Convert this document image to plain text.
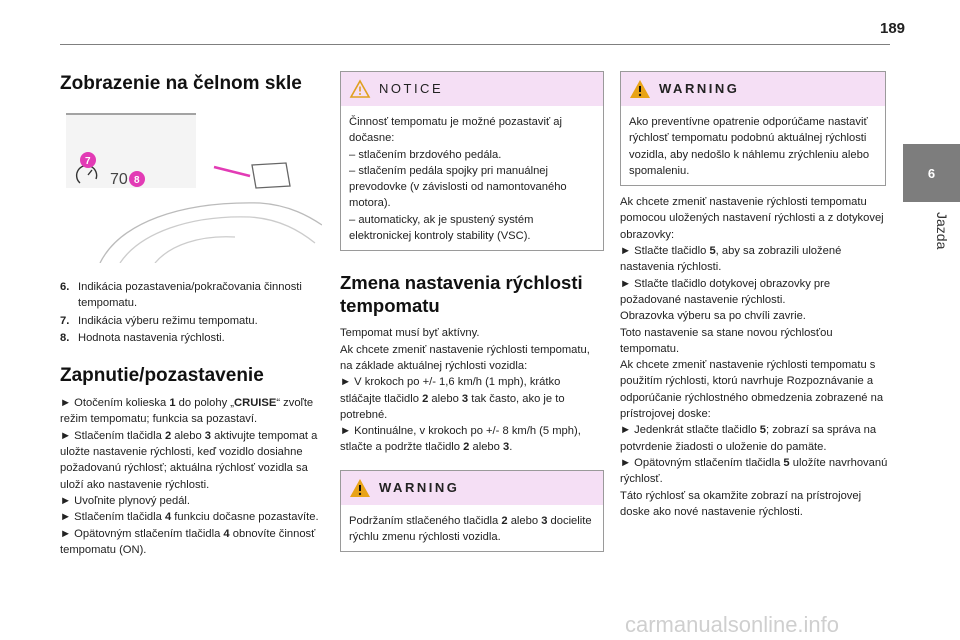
189
6
Jazda
Zobrazenie na čelnom skle
70
7
8
6. Indikácia pozastavenia/pokračovania činnosti tempomatu.
7. Indikácia výberu režimu tempomatu.
8. Hodnota nastavenia rýchlosti.
Zapnutie/pozastavenie

► Otočením kolieska 1 do polohy „CRUISE“ zvoľte režim tempomatu; funkcia sa pozastaví.

► Stlačením tlačidla 2 alebo 3 aktivujte tempomat a uložte nastavenie rýchlosti, keď vozidlo dosiahne požadovanú rýchlosť; aktuálna rýchlosť vozidla sa uloží ako nastavenie rýchlosti.

► Uvoľnite plynový pedál.

► Stlačením tlačidla 4 funkciu dočasne pozastavíte.

► Opätovným stlačením tlačidla 4 obnovíte činnosť tempomatu (ON).

NOTICE

Činnosť tempomatu je možné pozastaviť aj dočasne:

– stlačením brzdového pedála.

– stlačením pedála spojky pri manuálnej prevodovke (v závislosti od namontovaného motora).

– automaticky, ak je spustený systém elektronickej kontroly stability (VSC).

Zmena nastavenia rýchlosti tempomatu

Tempomat musí byť aktívny.

Ak chcete zmeniť nastavenie rýchlosti tempomatu, na základe aktuálnej rýchlosti vozidla:

► V krokoch po +/- 1,6 km/h (1 mph), krátko stláčajte tlačidlo 2 alebo 3 tak často, ako je to potrebné.

► Kontinuálne, v krokoch po +/- 8 km/h (5 mph), stlačte a podržte tlačidlo 2 alebo 3.

WARNING

Podržaním stlačeného tlačidla 2 alebo 3 docielite rýchlu zmenu rýchlosti vozidla.

WARNING

Ako preventívne opatrenie odporúčame nastaviť rýchlosť tempomatu podobnú aktuálnej rýchlosti vozidla, aby nedošlo k náhlemu zrýchleniu alebo spomaleniu.

Ak chcete zmeniť nastavenie rýchlosti tempomatu pomocou uložených nastavení rýchlosti a z dotykovej obrazovky:

► Stlačte tlačidlo 5, aby sa zobrazili uložené nastavenia rýchlosti.

► Stlačte tlačidlo dotykovej obrazovky pre požadované nastavenie rýchlosti.

Obrazovka výberu sa po chvíli zavrie.

Toto nastavenie sa stane novou rýchlosťou tempomatu.

Ak chcete zmeniť nastavenie rýchlosti tempomatu s použitím rýchlosti, ktorú navrhuje Rozpoznávanie a odporúčanie rýchlostného obmedzenia zobrazené na prístrojovej doske:

► Jedenkrát stlačte tlačidlo 5; zobrazí sa správa na potvrdenie žiadosti o uloženie do pamäte.

► Opätovným stlačením tlačidla 5 uložíte navrhovanú rýchlosť.

Táto rýchlosť sa okamžite zobrazí na prístrojovej doske ako nové nastavenie rýchlosti.

carmanualsonline.info
